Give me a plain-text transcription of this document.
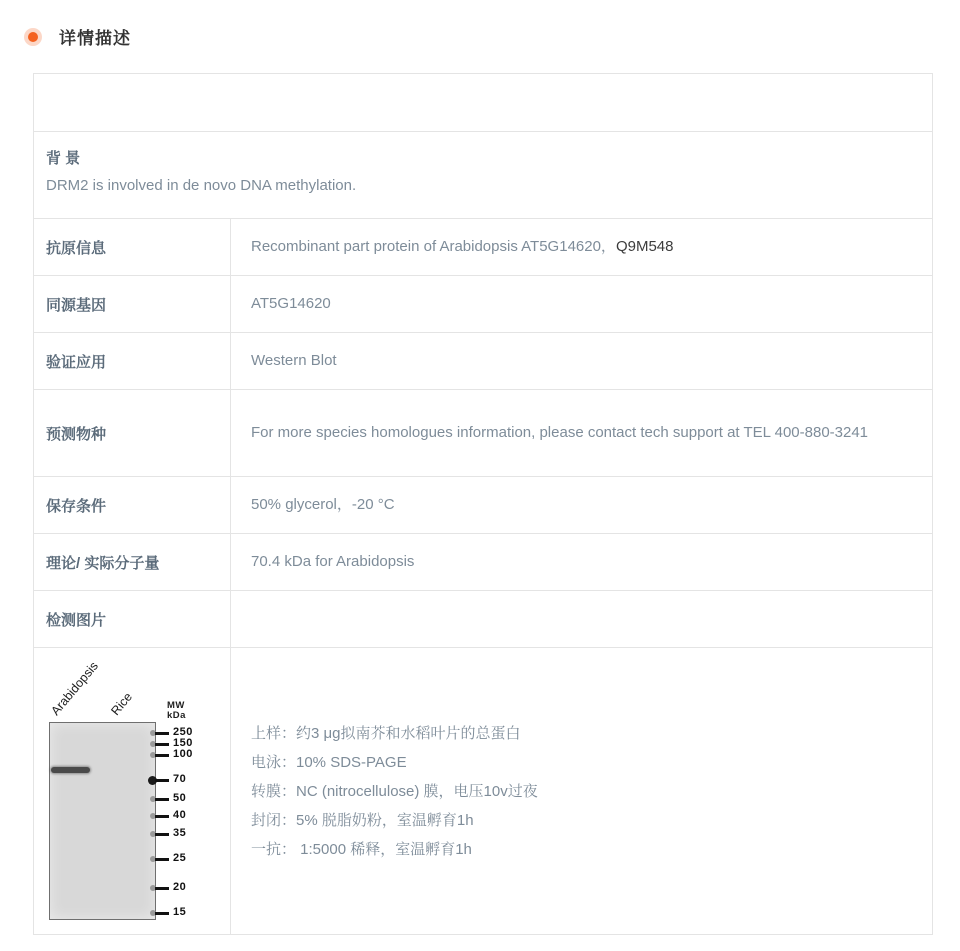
详情描述
背 景
DRM2 is involved in de novo DNA methylation.
抗原信息	Recombinant part protein of Arabidopsis AT5G14620， Q9M548
同源基因	AT5G14620
验证应用	Western Blot
预测物种	For more species homologues information, please contact tech support at TEL 400-880-3241
保存条件	50% glycerol，-20 °C
理论/ 实际分子量	70.4 kDa for Arabidopsis
检测图片
Arabidopsis Rice	MW
kDa
250
150
100
70
50
40
35
25
20
15
上样：约3 μg拟南芥和水稻叶片的总蛋白
电泳：10% SDS-PAGE
转膜：NC (nitrocellulose) 膜，电压10v过夜
封闭：5% 脱脂奶粉，室温孵育1h
一抗： 1:5000 稀释，室温孵育1h
